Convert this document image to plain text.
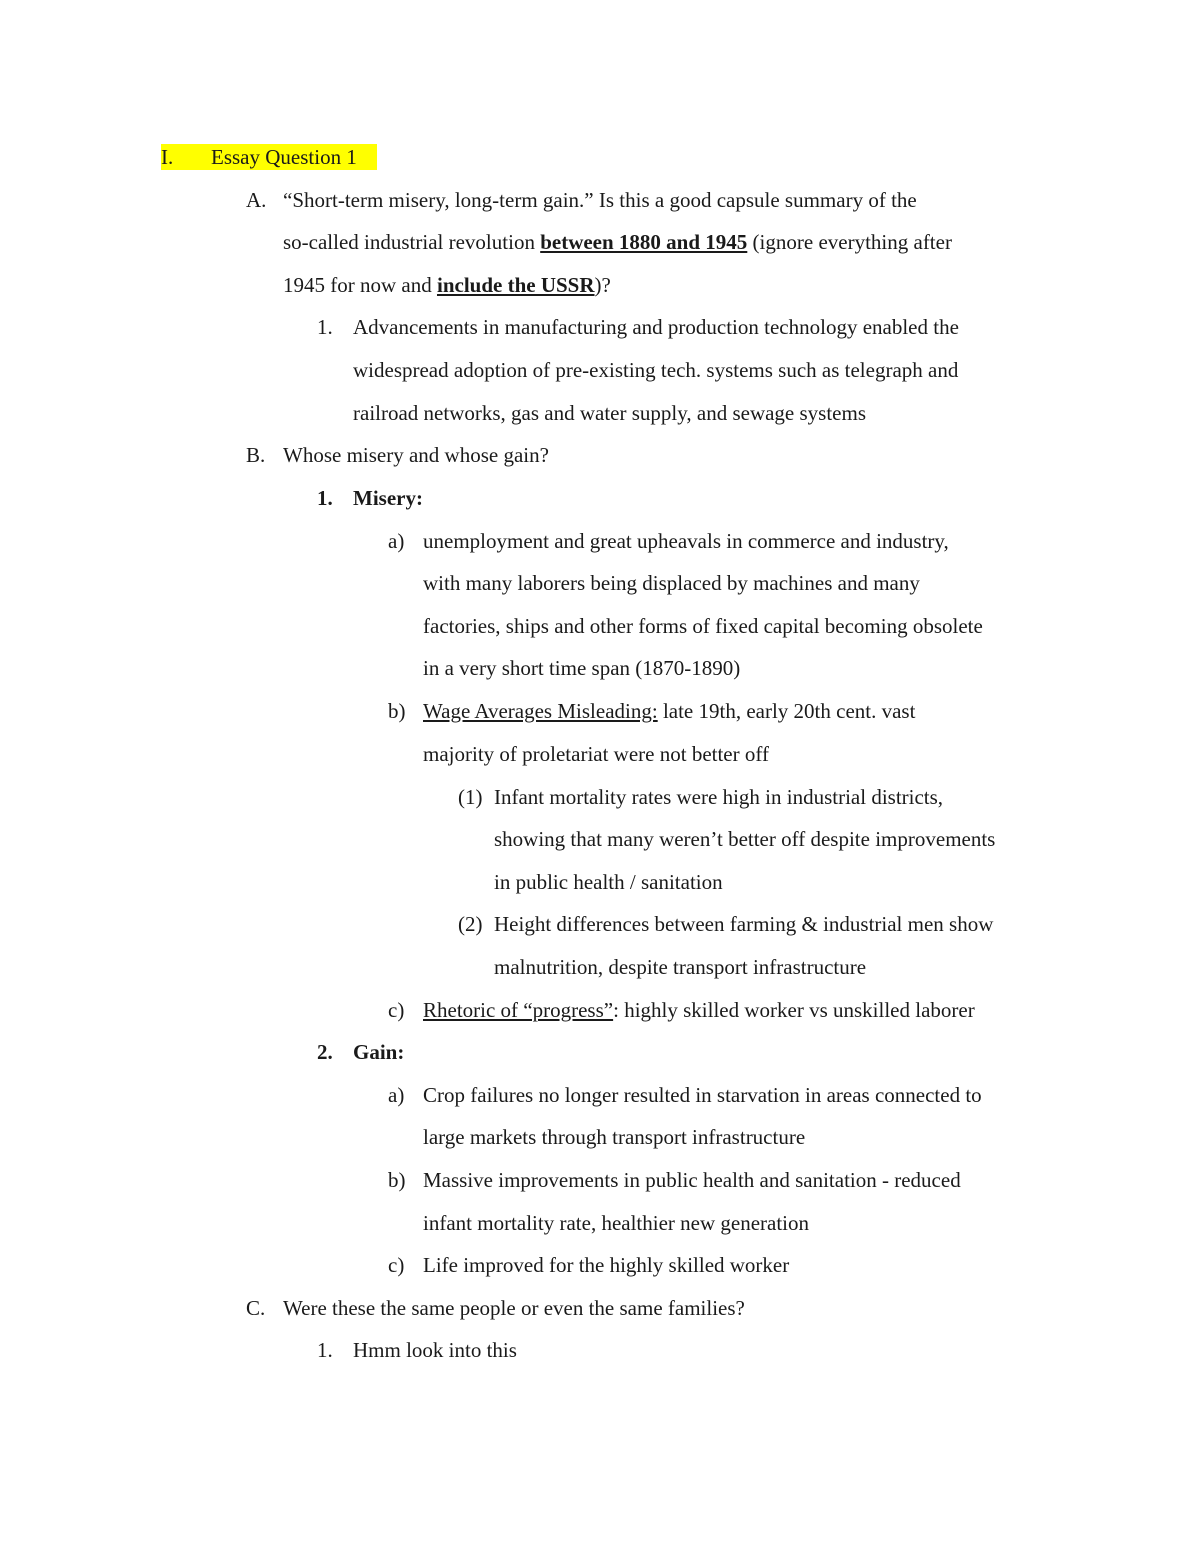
I. Essay Question 1
A. “Short-term misery, long-term gain.” Is this a good capsule summary of the
so-called industrial revolution between 1880 and 1945 (ignore everything after
1945 for now and include the USSR)?
1. Advancements in manufacturing and production technology enabled the
widespread adoption of pre-existing tech. systems such as telegraph and
railroad networks, gas and water supply, and sewage systems
B. Whose misery and whose gain?
1. Misery:
a) unemployment and great upheavals in commerce and industry,
with many laborers being displaced by machines and many
factories, ships and other forms of fixed capital becoming obsolete
in a very short time span (1870-1890)
b) Wage Averages Misleading: late 19th, early 20th cent. vast
majority of proletariat were not better off
(1) Infant mortality rates were high in industrial districts,
showing that many weren’t better off despite improvements
in public health / sanitation
(2) Height differences between farming & industrial men show
malnutrition, despite transport infrastructure
c) Rhetoric of “progress”: highly skilled worker vs unskilled laborer
2. Gain:
a) Crop failures no longer resulted in starvation in areas connected to
large markets through transport infrastructure
b) Massive improvements in public health and sanitation - reduced
infant mortality rate, healthier new generation
c) Life improved for the highly skilled worker
C. Were these the same people or even the same families?
1. Hmm look into this
